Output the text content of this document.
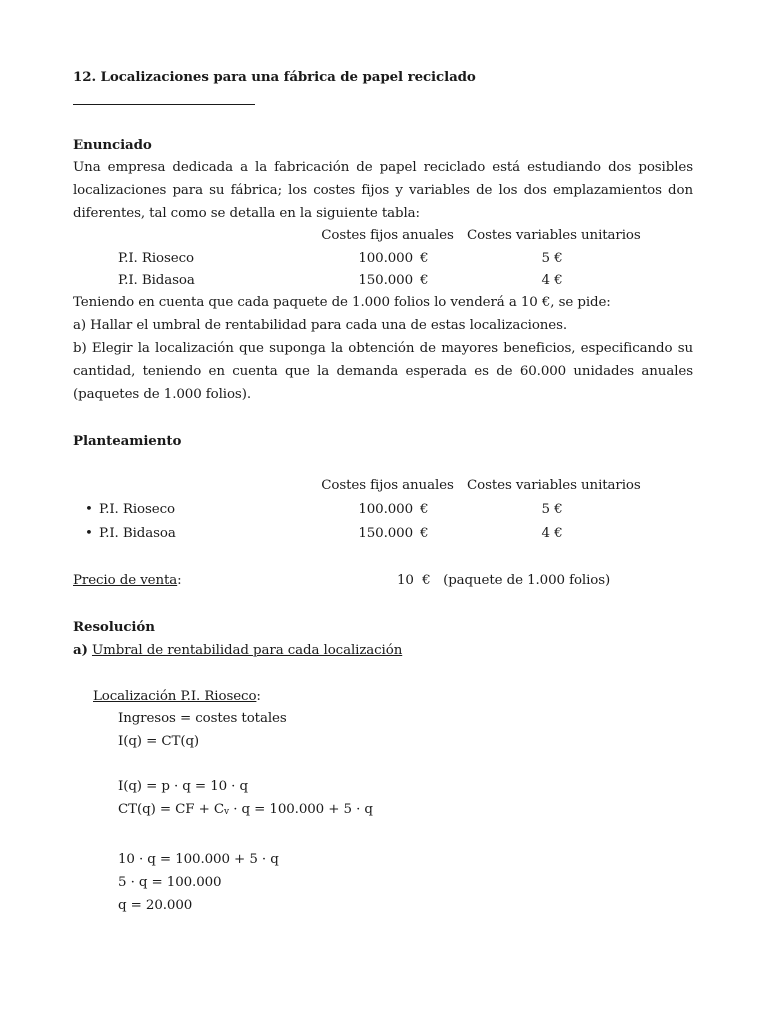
12. Localizaciones para una fábrica de papel reciclado
Enunciado
Una empresa dedicada a la fabricación de papel reciclado está estudiando dos posibles localizaciones para su fábrica; los costes fijos y variables de los dos emplazamientos don diferentes, tal como se detalla en la siguiente tabla:
Costes fijos anuales Costes variables unitarios
P.I. Rioseco	100.000 €	5 €
P.I. Bidasoa	150.000 €	4 €
Teniendo en cuenta que cada paquete de 1.000 folios lo venderá a 10 €, se pide:
a) Hallar el umbral de rentabilidad para cada una de estas localizaciones.
b) Elegir la localización que suponga la obtención de mayores beneficios, especificando su cantidad, teniendo en cuenta que la demanda esperada es de 60.000 unidades anuales (paquetes de 1.000 folios).
Planteamiento
Costes fijos anuales Costes variables unitarios
• P.I. Rioseco	100.000 €	5 €
• P.I. Bidasoa	150.000 €	4 €
Precio de venta:	10 € (paquete de 1.000 folios)
Resolución
a) Umbral de rentabilidad para cada localización
Localización P.I. Rioseco:
Ingresos = costes totales
I(q) = CT(q)
I(q) = p · q = 10 · q
CT(q) = CF + Cv · q = 100.000 + 5 · q
10 · q = 100.000 + 5 · q
5 · q = 100.000
q = 20.000
